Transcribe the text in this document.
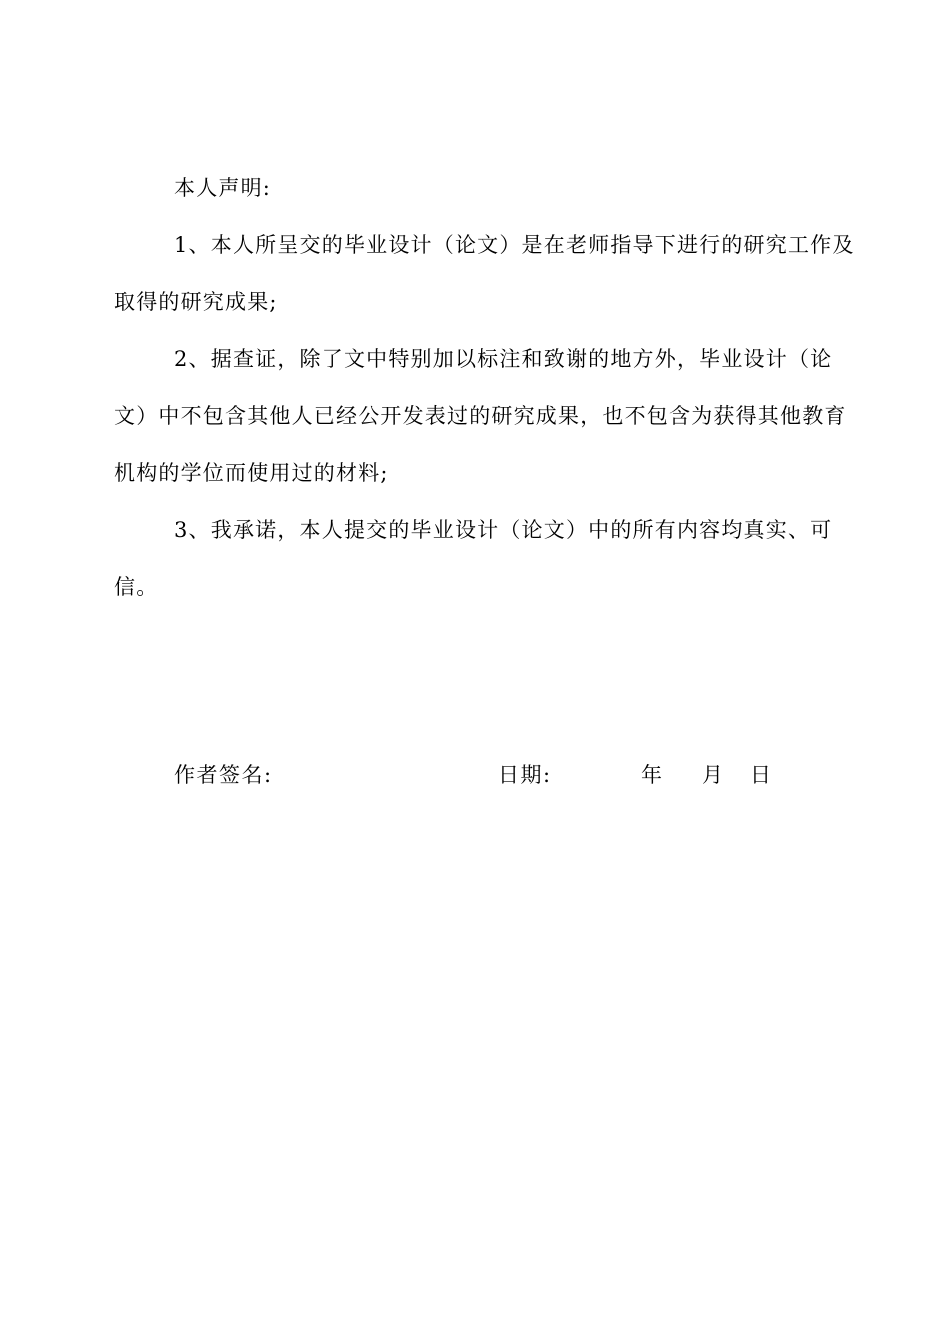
本人声明:

1、本人所呈交的毕业设计（论文）是在老师指导下进行的研究工作及取得的研究成果;

2、据查证，除了文中特别加以标注和致谢的地方外，毕业设计（论文）中不包含其他人已经公开发表过的研究成果，也不包含为获得其他教育机构的学位而使用过的材料;

3、我承诺，本人提交的毕业设计（论文）中的所有内容均真实、可信。

作者签名:	日期:	年 月 日
